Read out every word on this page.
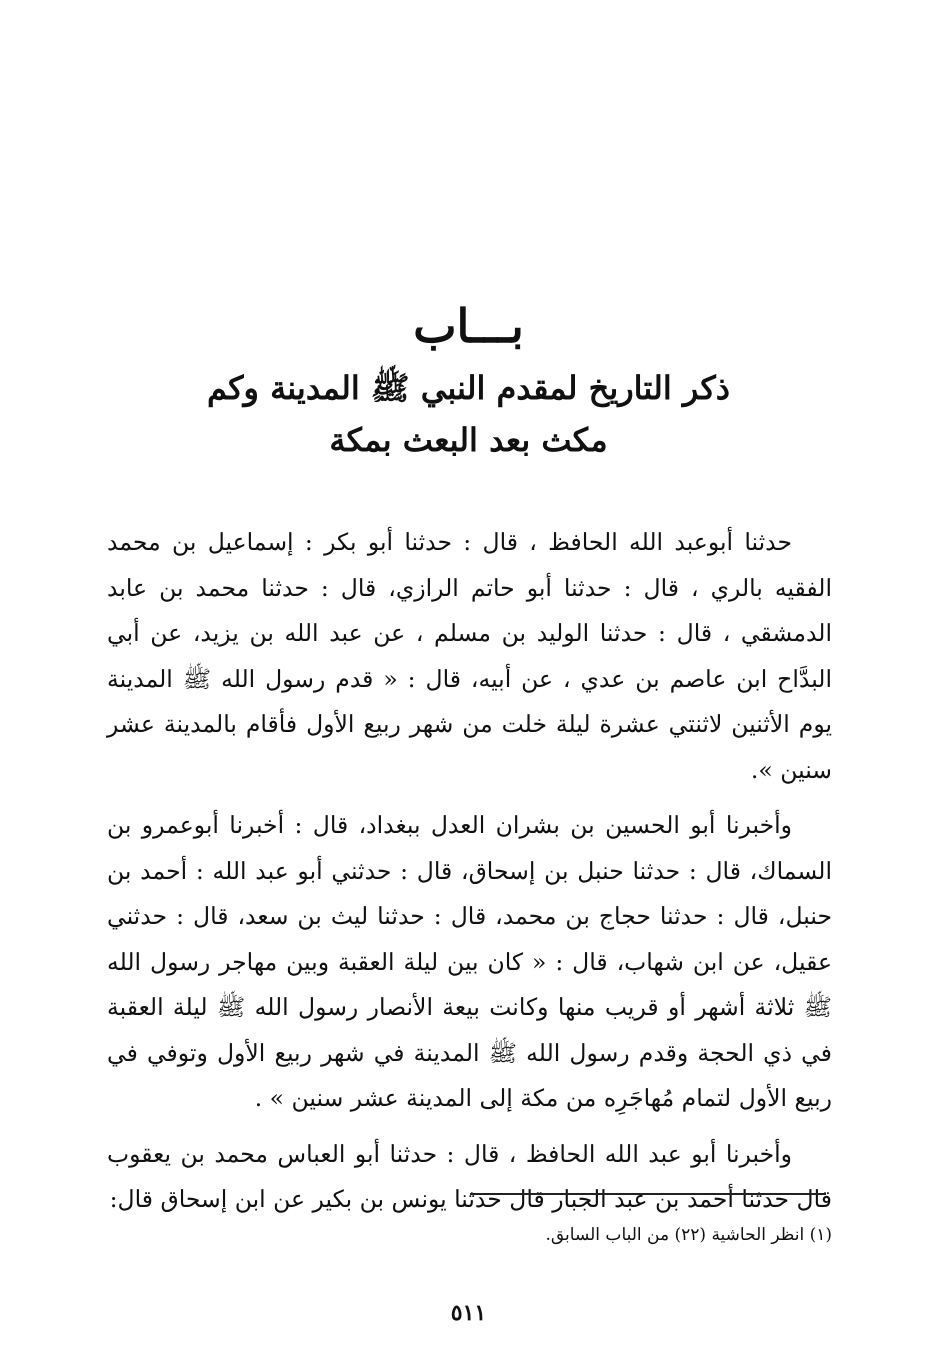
بـــاب
ذكر التاريخ لمقدم النبي ﷺ المدينة وكم
مكث بعد البعث بمكة

حدثنا أبوعبد الله الحافظ ، قال : حدثنا أبو بكر : إسماعيل بن محمد الفقيه بالري ، قال : حدثنا أبو حاتم الرازي، قال : حدثنا محمد بن عابد الدمشقي ، قال : حدثنا الوليد بن مسلم ، عن عبد الله بن يزيد، عن أبي البدَّاح ابن عاصم بن عدي ، عن أبيه، قال : « قدم رسول الله ﷺ المدينة يوم الأثنين لاثنتي عشرة ليلة خلت من شهر ربيع الأول فأقام بالمدينة عشر سنين ».

وأخبرنا أبو الحسين بن بشران العدل ببغداد، قال : أخبرنا أبوعمرو بن السماك، قال : حدثنا حنبل بن إسحاق، قال : حدثني أبو عبد الله : أحمد بن حنبل، قال : حدثنا حجاج بن محمد، قال : حدثنا ليث بن سعد، قال : حدثني عقيل، عن ابن شهاب، قال : « كان بين ليلة العقبة وبين مهاجر رسول الله ﷺ ثلاثة أشهر أو قريب منها وكانت بيعة الأنصار رسول الله ﷺ ليلة العقبة في ذي الحجة وقدم رسول الله ﷺ المدينة في شهر ربيع الأول وتوفي في ربيع الأول لتمام مُهاجَرِه من مكة إلى المدينة عشر سنين » .

وأخبرنا أبو عبد الله الحافظ ، قال : حدثنا أبو العباس محمد بن يعقوب قال حدثنا أحمد بن عبد الجبار قال حدثنا يونس بن بكير عن ابن إسحاق قال:

(١) انظر الحاشية (٢٢) من الباب السابق.
٥١١
